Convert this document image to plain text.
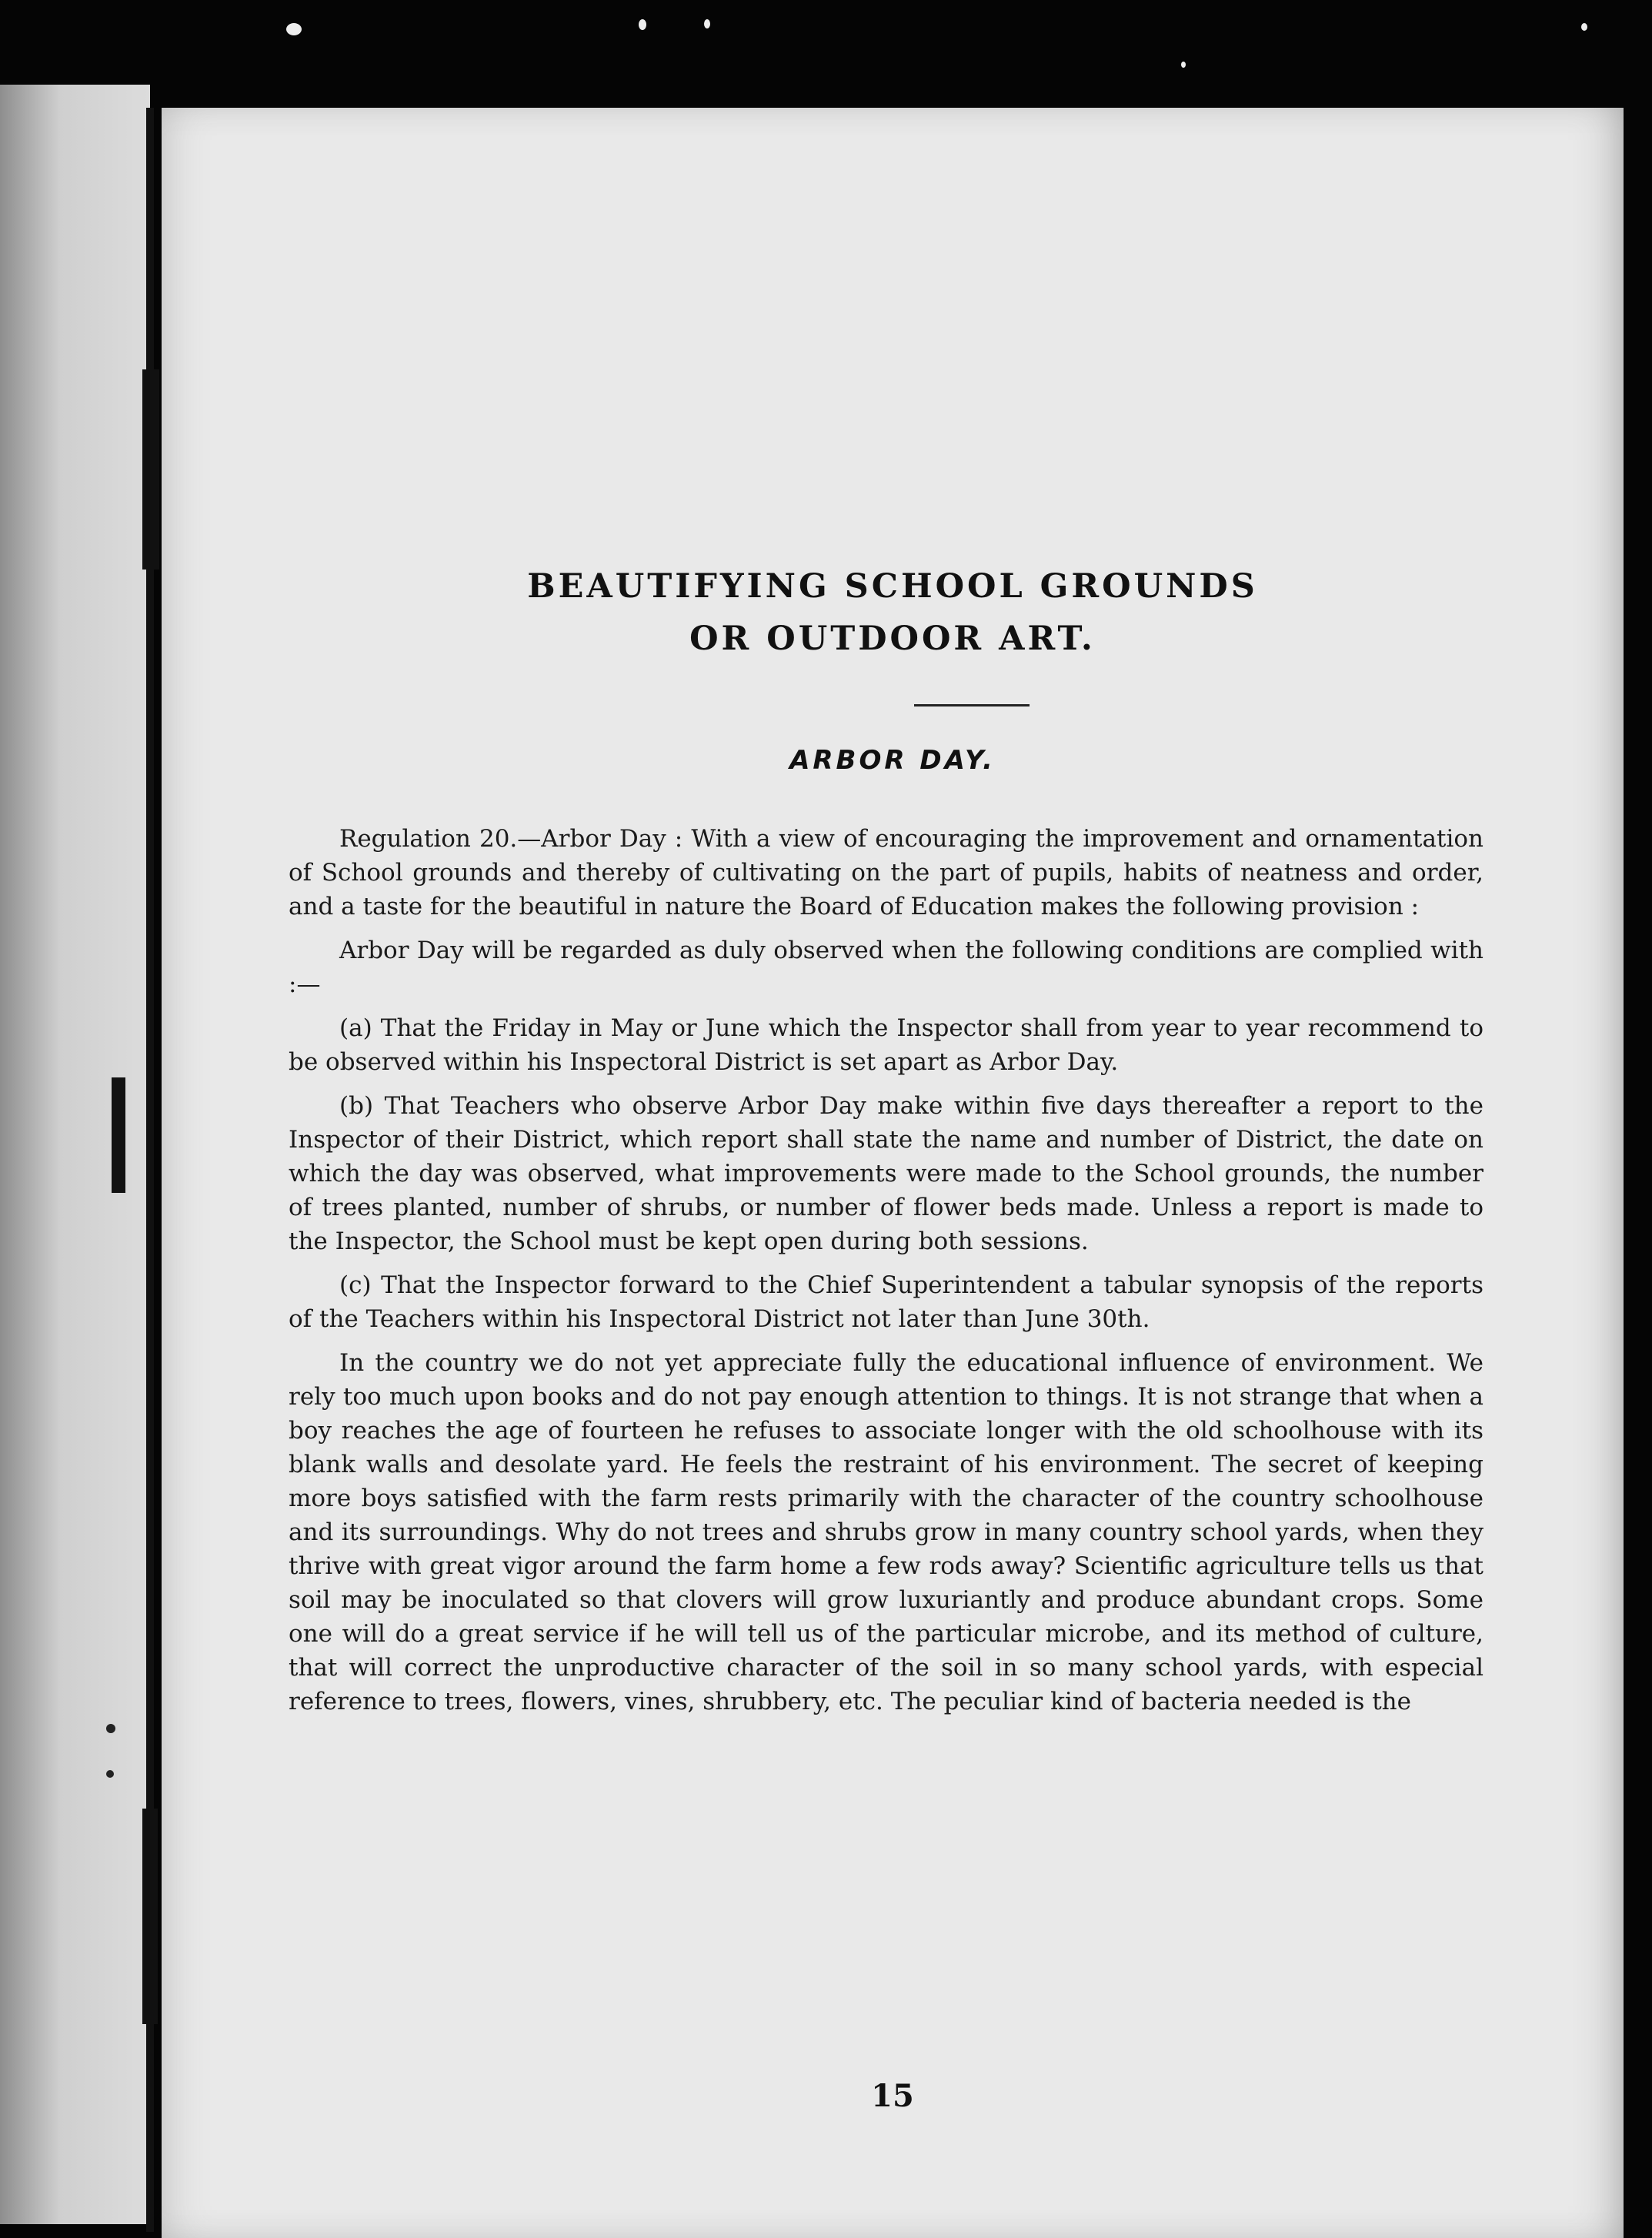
BEAUTIFYING SCHOOL GROUNDS
OR OUTDOOR ART.
ARBOR DAY.

Regulation 20.—Arbor Day : With a view of encouraging the improvement and ornamentation of School grounds and thereby of cultivating on the part of pupils, habits of neatness and order, and a taste for the beautiful in nature the Board of Education makes the following provision :

Arbor Day will be regarded as duly observed when the following conditions are complied with :—

(a) That the Friday in May or June which the Inspector shall from year to year recommend to be observed within his Inspectoral District is set apart as Arbor Day.

(b) That Teachers who observe Arbor Day make within five days thereafter a report to the Inspector of their District, which report shall state the name and number of District, the date on which the day was observed, what improvements were made to the School grounds, the number of trees planted, number of shrubs, or number of flower beds made. Unless a report is made to the Inspector, the School must be kept open during both sessions.

(c) That the Inspector forward to the Chief Superintendent a tabular synopsis of the reports of the Teachers within his Inspectoral District not later than June 30th.

In the country we do not yet appreciate fully the educational influence of environment. We rely too much upon books and do not pay enough attention to things. It is not strange that when a boy reaches the age of fourteen he refuses to associate longer with the old schoolhouse with its blank walls and desolate yard. He feels the restraint of his environment. The secret of keeping more boys satisfied with the farm rests primarily with the character of the country schoolhouse and its surroundings. Why do not trees and shrubs grow in many country school yards, when they thrive with great vigor around the farm home a few rods away? Scientific agriculture tells us that soil may be inoculated so that clovers will grow luxuriantly and produce abundant crops. Some one will do a great service if he will tell us of the particular microbe, and its method of culture, that will correct the unproductive character of the soil in so many school yards, with especial reference to trees, flowers, vines, shrubbery, etc. The peculiar kind of bacteria needed is the

15
